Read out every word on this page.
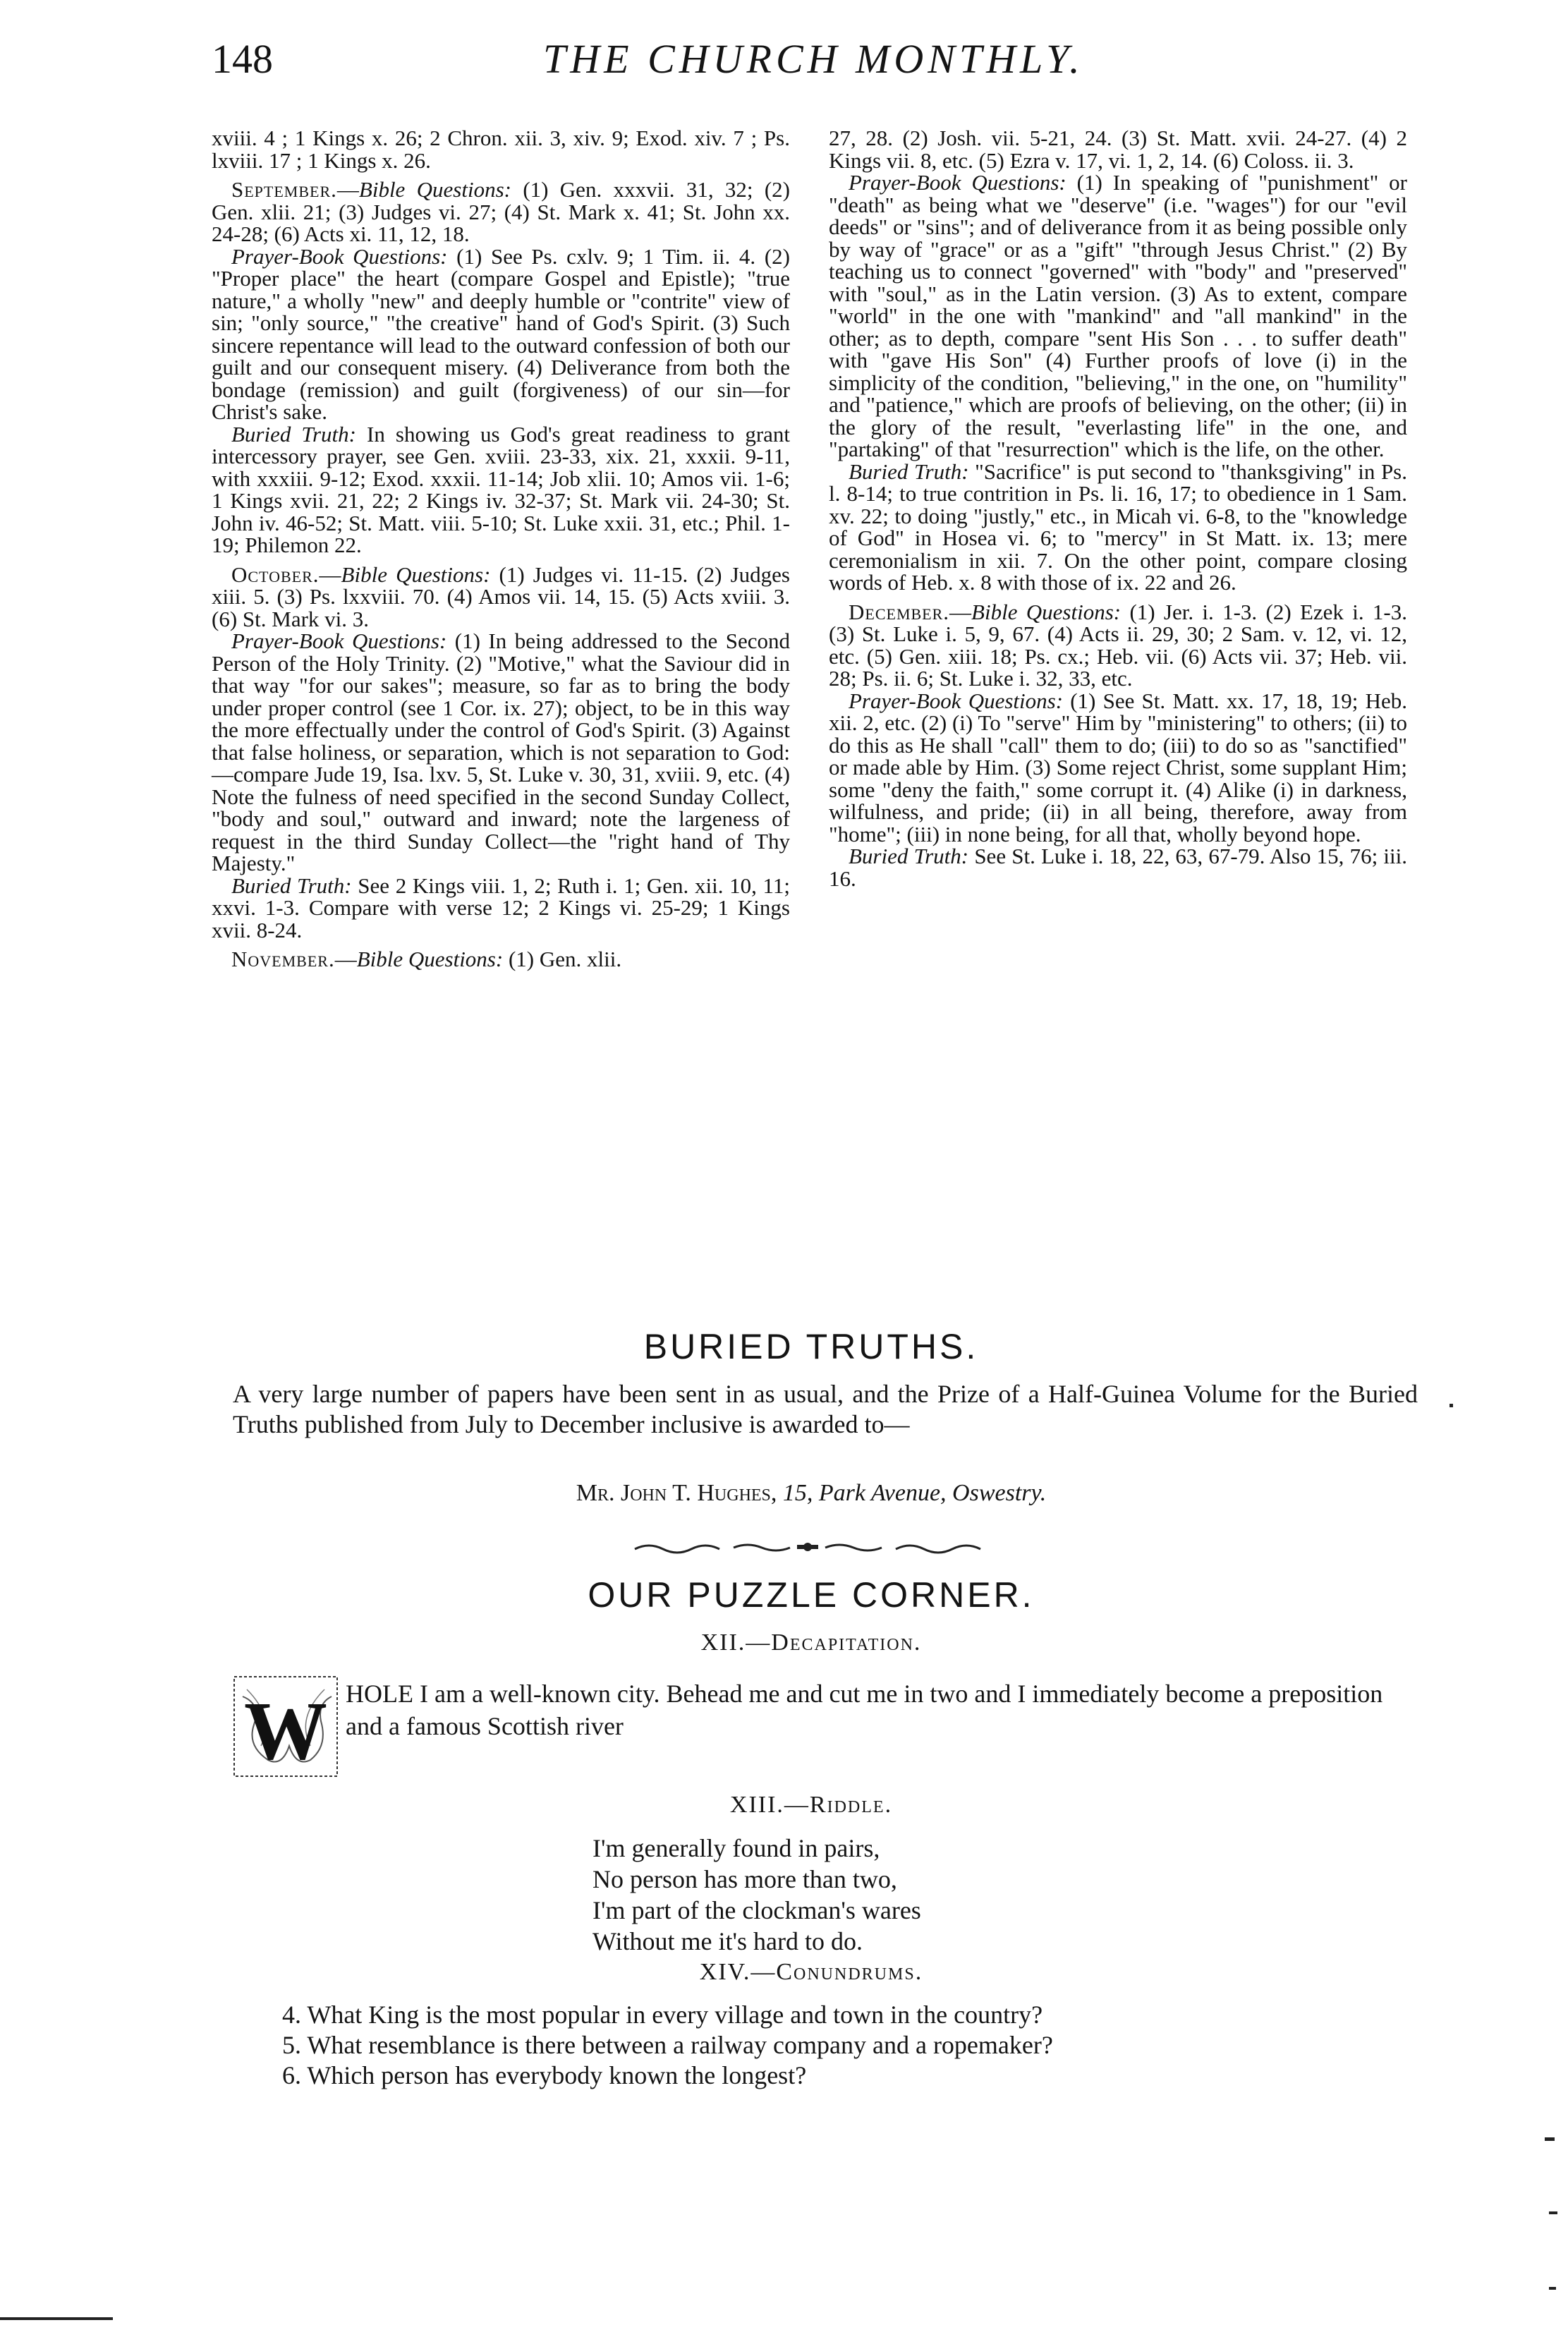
148	THE CHURCH MONTHLY.

xviii. 4 ; 1 Kings x. 26; 2 Chron. xii. 3, xiv. 9; Exod. xiv. 7 ; Ps. lxviii. 17 ; 1 Kings x. 26.

September.—Bible Questions: (1) Gen. xxxvii. 31, 32; (2) Gen. xlii. 21; (3) Judges vi. 27; (4) St. Mark x. 41; St. John xx. 24-28; (6) Acts xi. 11, 12, 18.

Prayer-Book Questions: (1) See Ps. cxlv. 9; 1 Tim. ii. 4. (2) "Proper place" the heart (compare Gospel and Epistle); "true nature," a wholly "new" and deeply humble or "contrite" view of sin; "only source," "the creative" hand of God's Spirit. (3) Such sincere repentance will lead to the outward confession of both our guilt and our consequent misery. (4) Deliverance from both the bondage (remission) and guilt (forgiveness) of our sin—for Christ's sake.

Buried Truth: In showing us God's great readiness to grant intercessory prayer, see Gen. xviii. 23-33, xix. 21, xxxii. 9-11, with xxxiii. 9-12; Exod. xxxii. 11-14; Job xlii. 10; Amos vii. 1-6; 1 Kings xvii. 21, 22; 2 Kings iv. 32-37; St. Mark vii. 24-30; St. John iv. 46-52; St. Matt. viii. 5-10; St. Luke xxii. 31, etc.; Phil. 1-19; Philemon 22.

October.—Bible Questions: (1) Judges vi. 11-15. (2) Judges xiii. 5. (3) Ps. lxxviii. 70. (4) Amos vii. 14, 15. (5) Acts xviii. 3. (6) St. Mark vi. 3.

Prayer-Book Questions: (1) In being addressed to the Second Person of the Holy Trinity. (2) "Motive," what the Saviour did in that way "for our sakes"; measure, so far as to bring the body under proper control (see 1 Cor. ix. 27); object, to be in this way the more effectually under the control of God's Spirit. (3) Against that false holiness, or separation, which is not separation to God:—compare Jude 19, Isa. lxv. 5, St. Luke v. 30, 31, xviii. 9, etc. (4) Note the fulness of need specified in the second Sunday Collect, "body and soul," outward and inward; note the largeness of request in the third Sunday Collect—the "right hand of Thy Majesty."

Buried Truth: See 2 Kings viii. 1, 2; Ruth i. 1; Gen. xii. 10, 11; xxvi. 1-3. Compare with verse 12; 2 Kings vi. 25-29; 1 Kings xvii. 8-24.

November.—Bible Questions: (1) Gen. xlii.

27, 28. (2) Josh. vii. 5-21, 24. (3) St. Matt. xvii. 24-27. (4) 2 Kings vii. 8, etc. (5) Ezra v. 17, vi. 1, 2, 14. (6) Coloss. ii. 3.

Prayer-Book Questions: (1) In speaking of "punishment" or "death" as being what we "deserve" (i.e. "wages") for our "evil deeds" or "sins"; and of deliverance from it as being possible only by way of "grace" or as a "gift" "through Jesus Christ." (2) By teaching us to connect "governed" with "body" and "preserved" with "soul," as in the Latin version. (3) As to extent, compare "world" in the one with "mankind" and "all mankind" in the other; as to depth, compare "sent His Son . . . to suffer death" with "gave His Son" (4) Further proofs of love (i) in the simplicity of the condition, "believing," in the one, on "humility" and "patience," which are proofs of believing, on the other; (ii) in the glory of the result, "everlasting life" in the one, and "partaking" of that "resurrection" which is the life, on the other.

Buried Truth: "Sacrifice" is put second to "thanksgiving" in Ps. l. 8-14; to true contrition in Ps. li. 16, 17; to obedience in 1 Sam. xv. 22; to doing "justly," etc., in Micah vi. 6-8, to the "knowledge of God" in Hosea vi. 6; to "mercy" in St Matt. ix. 13; mere ceremonialism in xii. 7. On the other point, compare closing words of Heb. x. 8 with those of ix. 22 and 26.

December.—Bible Questions: (1) Jer. i. 1-3. (2) Ezek i. 1-3. (3) St. Luke i. 5, 9, 67. (4) Acts ii. 29, 30; 2 Sam. v. 12, vi. 12, etc. (5) Gen. xiii. 18; Ps. cx.; Heb. vii. (6) Acts vii. 37; Heb. vii. 28; Ps. ii. 6; St. Luke i. 32, 33, etc.

Prayer-Book Questions: (1) See St. Matt. xx. 17, 18, 19; Heb. xii. 2, etc. (2) (i) To "serve" Him by "ministering" to others; (ii) to do this as He shall "call" them to do; (iii) to do so as "sanctified" or made able by Him. (3) Some reject Christ, some supplant Him; some "deny the faith," some corrupt it. (4) Alike (i) in darkness, wilfulness, and pride; (ii) in all being, therefore, away from "home"; (iii) in none being, for all that, wholly beyond hope.

Buried Truth: See St. Luke i. 18, 22, 63, 67-79. Also 15, 76; iii. 16.

BURIED TRUTHS.
A very large number of papers have been sent in as usual, and the Prize of a Half-Guinea Volume for the Buried Truths published from July to December inclusive is awarded to—
Mr. John T. Hughes, 15, Park Avenue, Oswestry.
OUR PUZZLE CORNER.
XII.—Decapitation.
W HOLE I am a well-known city. Behead me and cut me in two and I immediately become a preposition and a famous Scottish river
XIII.—Riddle.
I'm generally found in pairs,
No person has more than two,
I'm part of the clockman's wares
Without me it's hard to do.
XIV.—Conundrums.
4. What King is the most popular in every village and town in the country?
5. What resemblance is there between a railway company and a ropemaker?
6. Which person has everybody known the longest?
